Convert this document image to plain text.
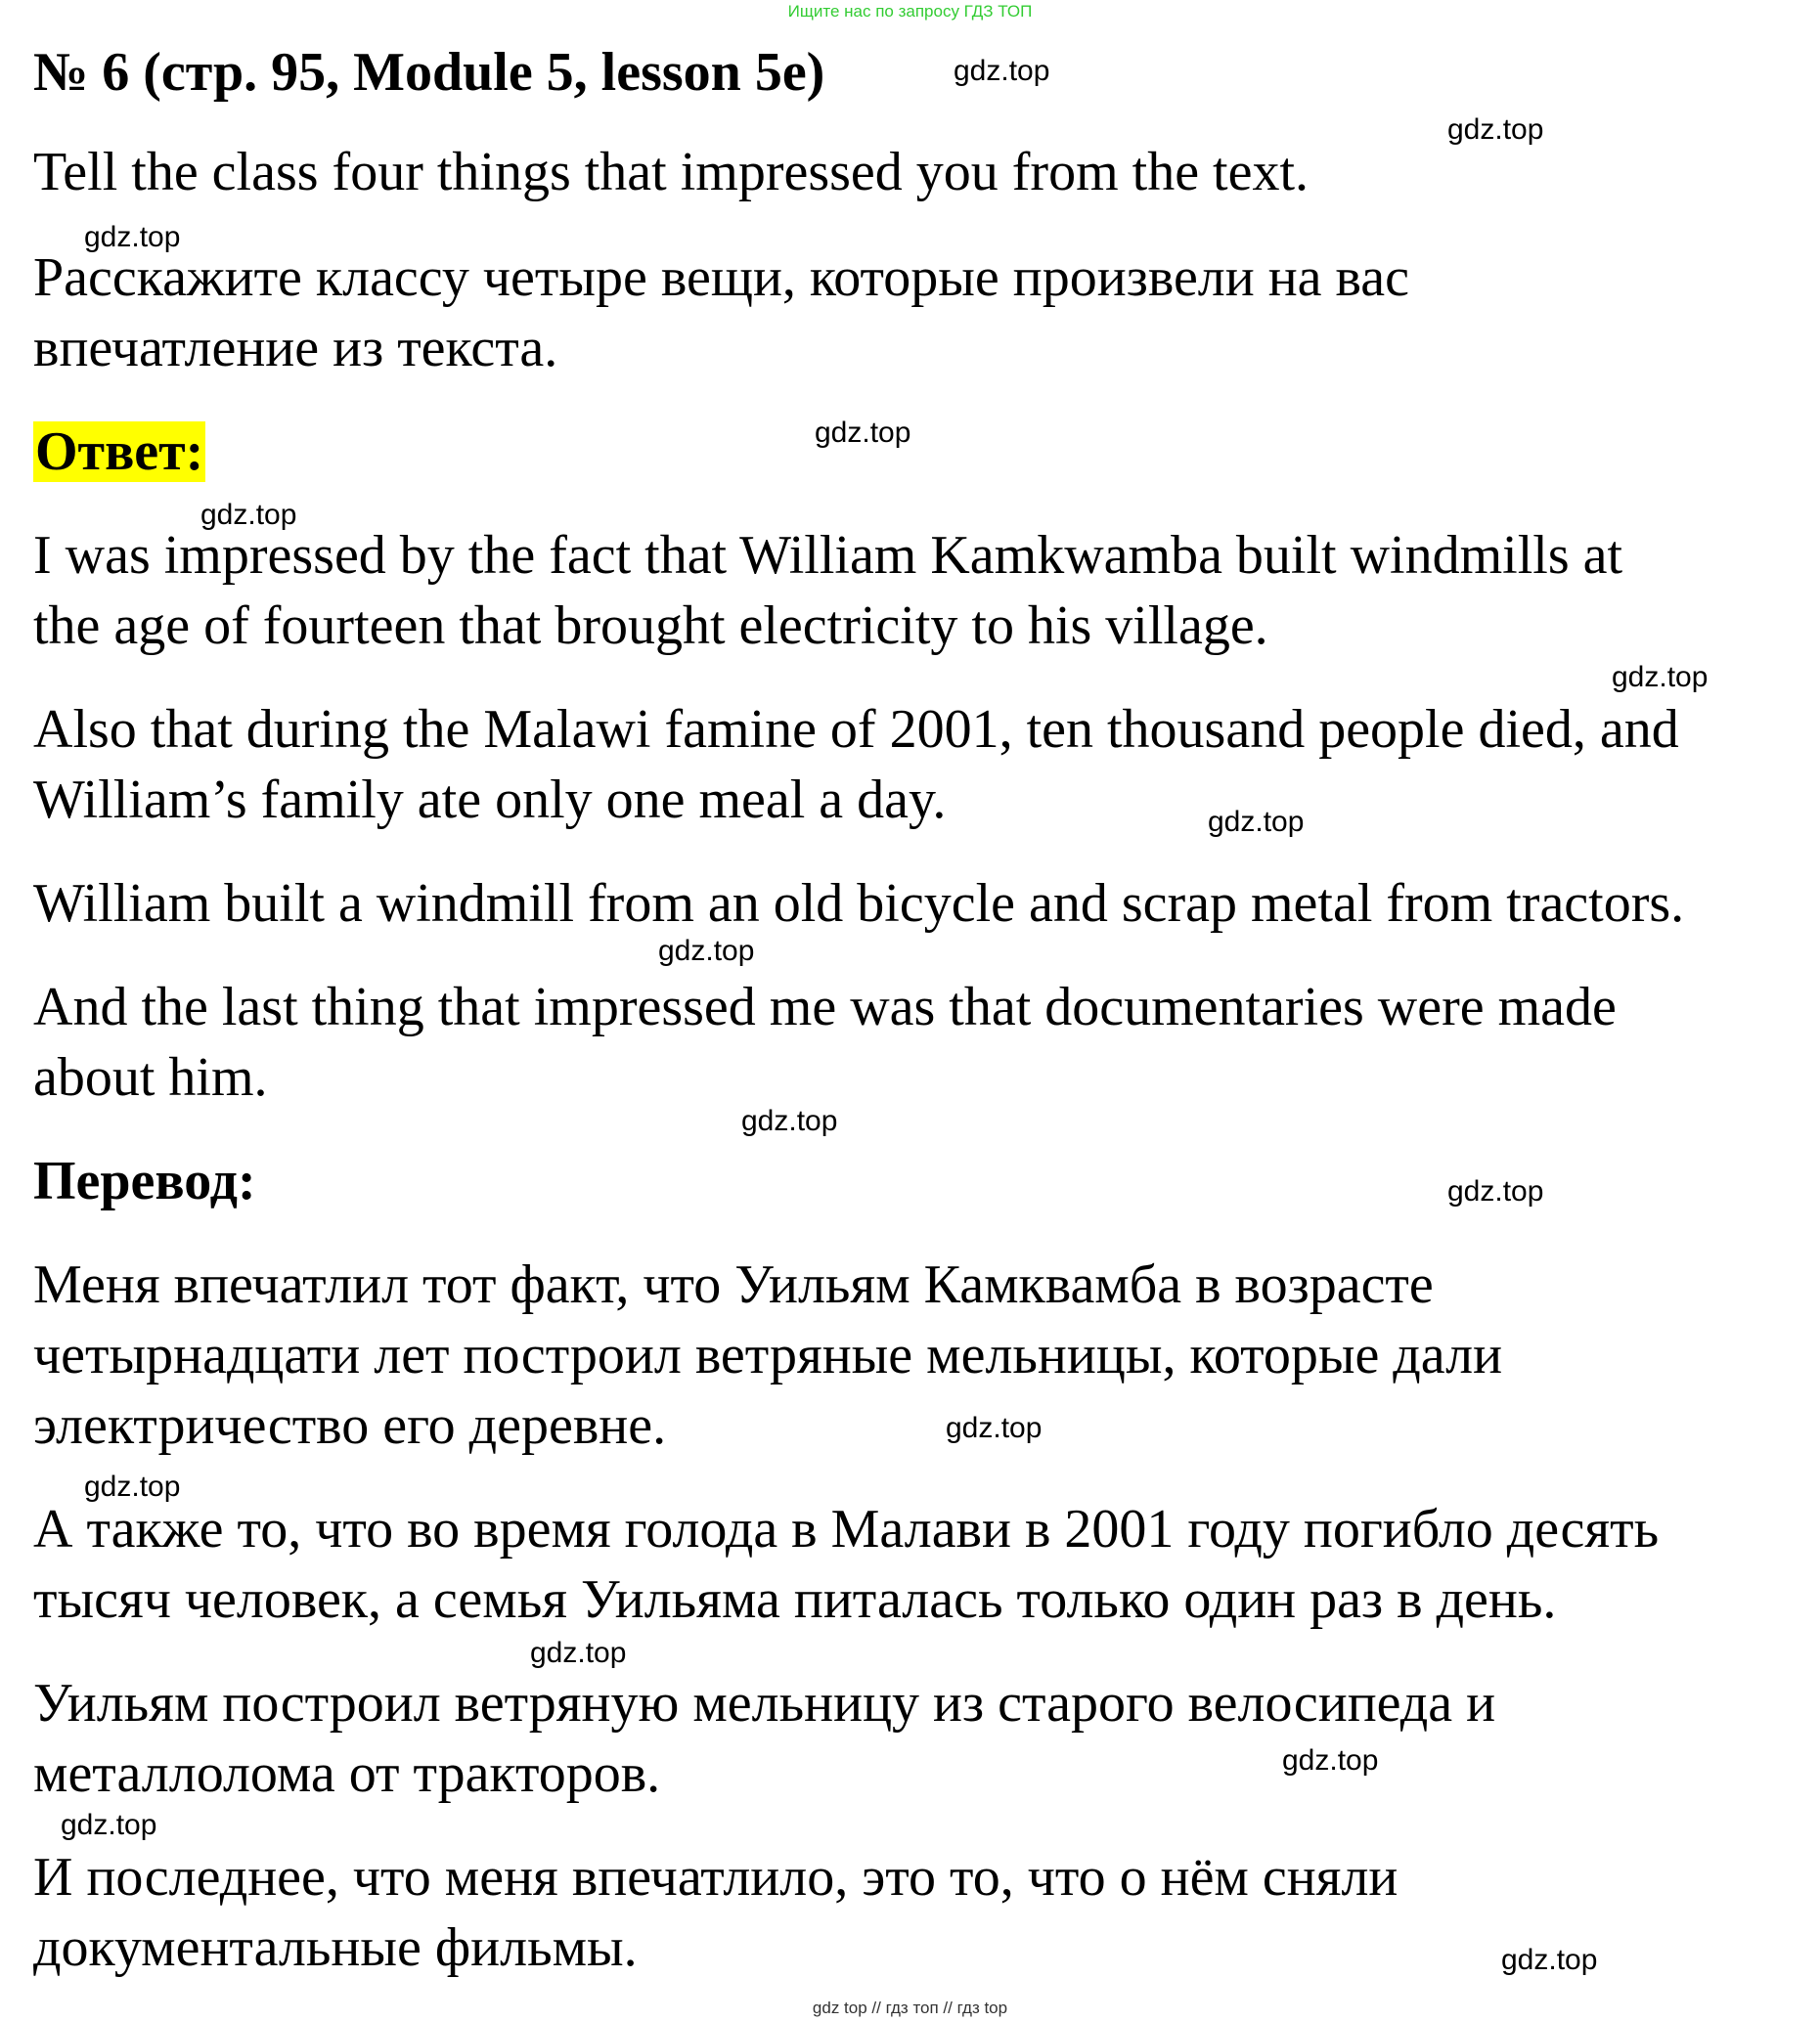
Ищите нас по запросу ГДЗ ТОП
№ 6 (стр. 95, Module 5, lesson 5e)
Tell the class four things that impressed you from the text.
Расскажите классу четыре вещи, которые произвели на вас
впечатление из текста.
Ответ:
I was impressed by the fact that William Kamkwamba built windmills at
the age of fourteen that brought electricity to his village.
Also that during the Malawi famine of 2001, ten thousand people died, and
William’s family ate only one meal a day.
William built a windmill from an old bicycle and scrap metal from tractors.
And the last thing that impressed me was that documentaries were made
about him.
Перевод:
Меня впечатлил тот факт, что Уильям Камквамба в возрасте
четырнадцати лет построил ветряные мельницы, которые дали
электричество его деревне.
А также то, что во время голода в Малави в 2001 году погибло десять
тысяч человек, а семья Уильяма питалась только один раз в день.
Уильям построил ветряную мельницу из старого велосипеда и
металлолома от тракторов.
И последнее, что меня впечатлило, это то, что о нём сняли
документальные фильмы.
gdz.top
gdz.top
gdz.top
gdz.top
gdz.top
gdz.top
gdz.top
gdz.top
gdz.top
gdz.top
gdz.top
gdz.top
gdz.top
gdz.top
gdz.top
gdz.top
gdz top // гдз топ // гдз top
